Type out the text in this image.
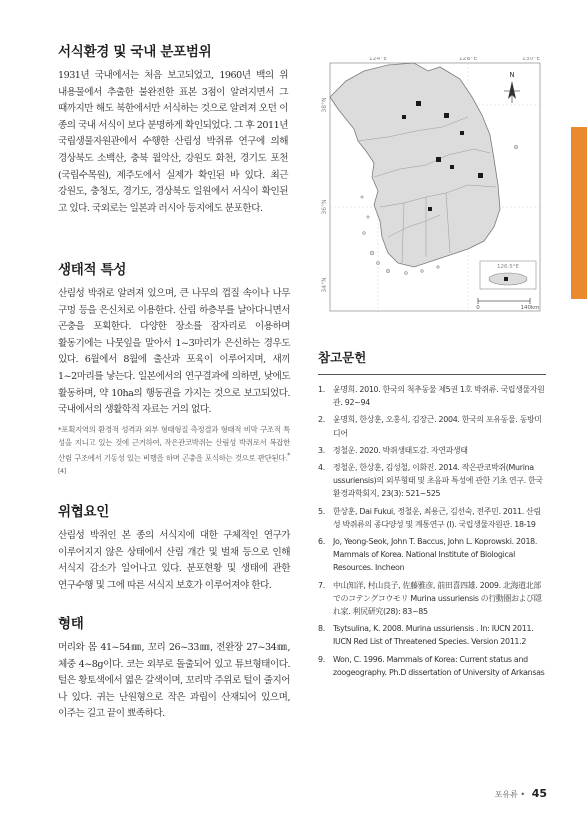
서식환경 및 국내 분포범위

1931년 국내에서는 처음 보고되었고, 1960년 백의 위 내용물에서 추출한 불완전한 표본 3점이 알려지면서 그 때까지만 해도 북한에서만 서식하는 것으로 알려져 오던 이 종의 국내 서식이 보다 분명하게 확인되었다. 그 후 2011년 국립생물자원관에서 수행한 산림성 박쥐류 연구에 의해 경상북도 소백산, 충북 월악산, 강원도 화천, 경기도 포천(국립수목원), 제주도에서 실제가 확인된 바 있다. 최근 강원도, 충청도, 경기도, 경상북도 일원에서 서식이 확인된 고 있다. 국외로는 일본과 러시아 등지에도 분포한다.

생태적 특성

산림성 박쥐로 알려져 있으며, 큰 나무의 껍질 속이나 나무 구멍 등을 은신처로 이용한다. 산림 하층부를 날아다니면서 곤충을 포획한다. 다양한 장소를 잠자리로 이용하며 활동기에는 나뭇잎을 말아서 1~3마리가 은신하는 경우도 있다. 6월에서 8월에 출산과 포육이 이루어지며, 새끼 1~2마리를 낳는다. 일본에서의 연구결과에 의하면, 낮에도 활동하며, 약 10ha의 행동권을 가지는 것으로 보고되었다. 국내에서의 생활학적 자료는 거의 없다.

*포획지역의 환경적 성격과 외부 형태형질 측정결과 형태적 비막 구조적 특성을 지니고 있는 것에 근거하여, 작은관코박쥐는 산림성 박쥐로서 복잡한 산림 구조에서 기동성 있는 비행을 하며 곤충을 포식하는 것으로 판단된다.$^{*[4]}$

위협요인

산림성 박쥐인 본 종의 서식지에 대한 구체적인 연구가 이루어지지 않은 상태에서 산림 개간 및 벌채 등으로 인해 서식지 감소가 일어나고 있다. 분포현황 및 생태에 관한 연구수행 및 그에 따른 서식지 보호가 이루어져야 한다.

형태

머리와 몸 41~54㎜, 꼬리 26~33㎜, 전완장 27~34㎜, 체중 4~8g이다. 코는 외부로 돌출되어 있고 튜브형태이다. 털은 황토색에서 엷은 갈색이며, 꼬리막 주위로 털이 줄지어 나 있다. 귀는 난원형으로 작은 과립이 산재되어 있으며, 이주는 길고 끝이 뾰족하다.

124°E	128°E	130°E
38°N
36°N
34°N
N
126.5°E
0	140km
참고문헌
1.	윤명희. 2010. 한국의 척추동물 제5권 1호 박쥐류. 국립생물자원관. 92~94
2.	윤명희, 한상훈, 오홍식, 김장근. 2004. 한국의 포유동물. 동방미디어
3.	정철운. 2020. 박쥐생태도감. 자연과생태
4.	정철운, 한상훈, 김성철, 이화진. 2014. 작은관코박쥐(Murina ussuriensis)의 외부형태 및 초음파 특성에 관한 기초 연구. 한국환경과학회지, 23(3): 521~525
5.	한상훈, Dai Fukui, 정철운, 최용근, 김선숙, 전주민. 2011. 산림성 박쥐류의 종다양성 및 계통연구 (I). 국립생물자원관. 18-19
6.	Jo, Yeong-Seok, John T. Baccus, John L. Koprowski. 2018. Mammals of Korea. National Institute of Biological Resources. Incheon
7.	中山知洋, 村山良子, 佐藤雅彦, 前田喜四雄. 2009. 北海道北部でのコテングコウモリ Murina ussuriensis の行動圏および隠れ家. 利尻研究(28): 83~85
8.	Tsytsulina, K. 2008. Murina ussuriensis . In: IUCN 2011. IUCN Red List of Threatened Species. Version 2011.2
9.	Won, C. 1996. Mammals of Korea: Current status and zoogeography. Ph.D dissertation of University of Arkansas
포유류 • 45
